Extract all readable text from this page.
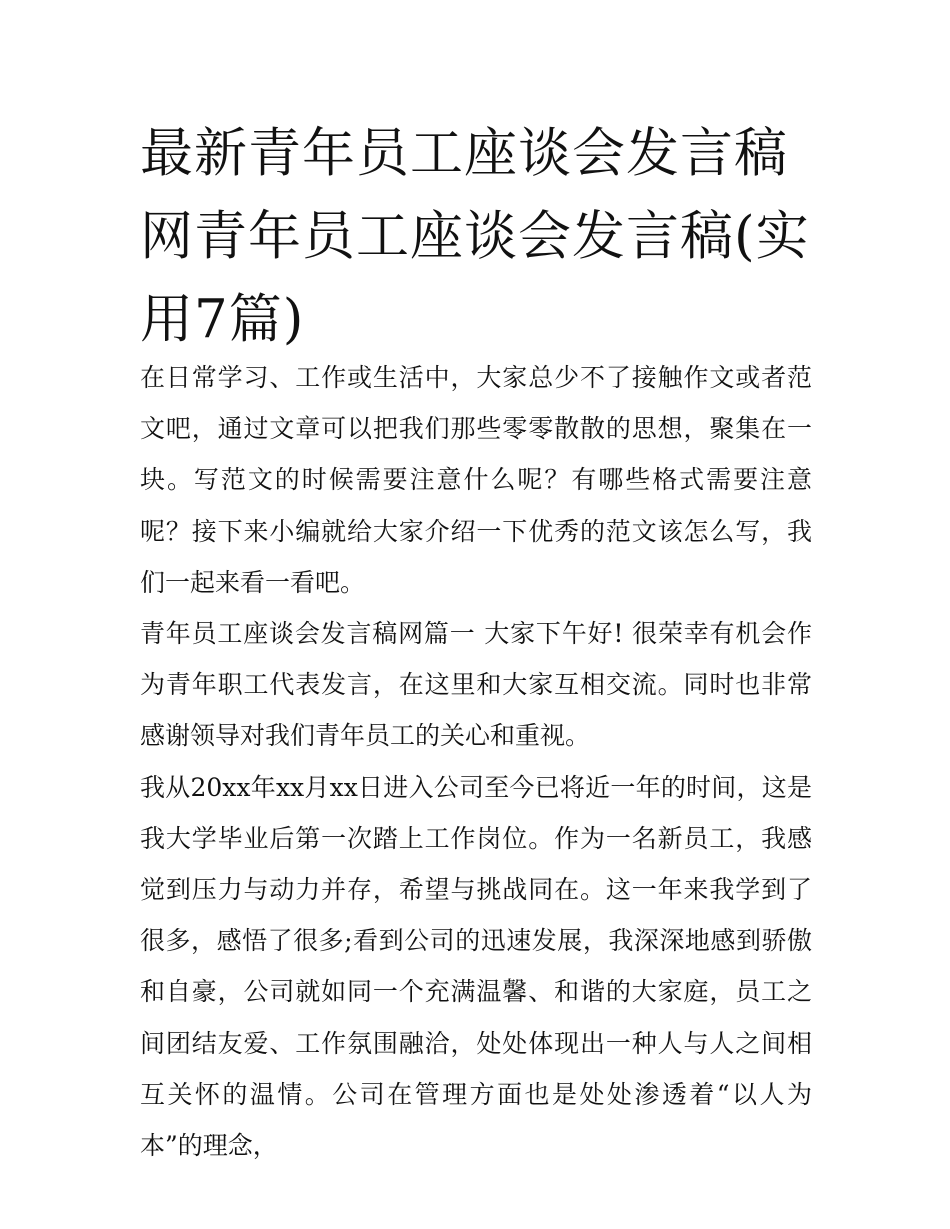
最新青年员工座谈会发言稿网青年员工座谈会发言稿(实用7篇)

在日常学习、工作或生活中，大家总少不了接触作文或者范文吧，通过文章可以把我们那些零零散散的思想，聚集在一块。写范文的时候需要注意什么呢？有哪些格式需要注意呢？接下来小编就给大家介绍一下优秀的范文该怎么写，我们一起来看一看吧。

青年员工座谈会发言稿网篇一 大家下午好! 很荣幸有机会作为青年职工代表发言，在这里和大家互相交流。同时也非常感谢领导对我们青年员工的关心和重视。

我从20xx年xx月xx日进入公司至今已将近一年的时间，这是我大学毕业后第一次踏上工作岗位。作为一名新员工，我感觉到压力与动力并存，希望与挑战同在。这一年来我学到了很多，感悟了很多;看到公司的迅速发展，我深深地感到骄傲和自豪，公司就如同一个充满温馨、和谐的大家庭，员工之间团结友爱、工作氛围融洽，处处体现出一种人与人之间相互关怀的温情。公司在管理方面也是处处渗透着“以人为本”的理念，
